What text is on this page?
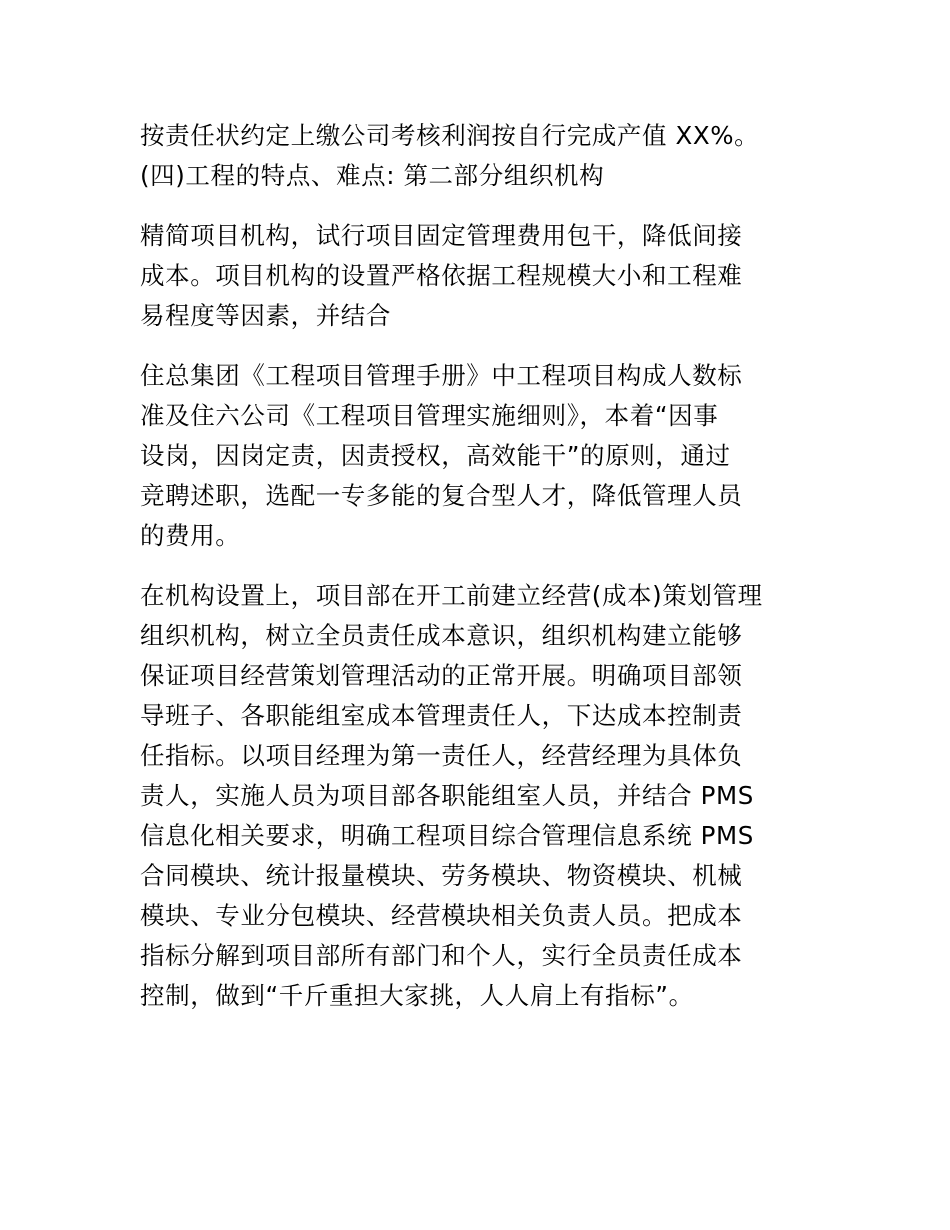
按责任状约定上缴公司考核利润按自行完成产值 XX%。
(四)工程的特点、难点: 第二部分组织机构
精简项目机构，试行项目固定管理费用包干，降低间接
成本。项目机构的设置严格依据工程规模大小和工程难
易程度等因素，并结合
住总集团《工程项目管理手册》中工程项目构成人数标
准及住六公司《工程项目管理实施细则》，本着“因事
设岗，因岗定责，因责授权，高效能干”的原则，通过
竞聘述职，选配一专多能的复合型人才，降低管理人员
的费用。
在机构设置上，项目部在开工前建立经营(成本)策划管理
组织机构，树立全员责任成本意识，组织机构建立能够
保证项目经营策划管理活动的正常开展。明确项目部领
导班子、各职能组室成本管理责任人，下达成本控制责
任指标。以项目经理为第一责任人，经营经理为具体负
责人，实施人员为项目部各职能组室人员，并结合 PMS
信息化相关要求，明确工程项目综合管理信息系统 PMS
合同模块、统计报量模块、劳务模块、物资模块、机械
模块、专业分包模块、经营模块相关负责人员。把成本
指标分解到项目部所有部门和个人，实行全员责任成本
控制，做到“千斤重担大家挑，人人肩上有指标”。
